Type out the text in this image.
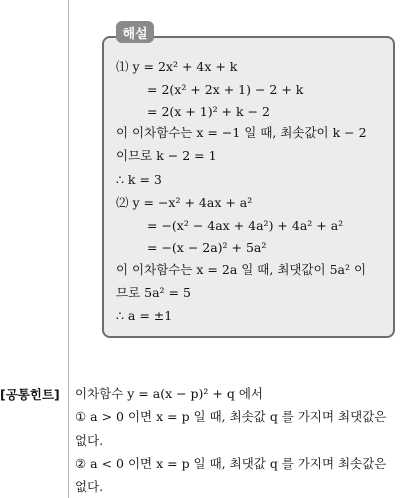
해설
⑴ y = 2x² + 4x + k
= 2(x² + 2x + 1) − 2 + k
= 2(x + 1)² + k − 2
이 이차함수는 x = −1 일 때, 최솟값이 k − 2
이므로 k − 2 = 1
∴ k = 3
⑵ y = −x² + 4ax + a²
= −(x² − 4ax + 4a²) + 4a² + a²
= −(x − 2a)² + 5a²
이 이차함수는 x = 2a 일 때, 최댓값이 5a² 이
므로 5a² = 5
∴ a = ±1
[공통힌트] 이차함수 y = a(x − p)² + q 에서
① a > 0 이면 x = p 일 때, 최솟값 q 를 가지며 최댓값은
없다.
② a < 0 이면 x = p 일 때, 최댓값 q 를 가지며 최솟값은
없다.
